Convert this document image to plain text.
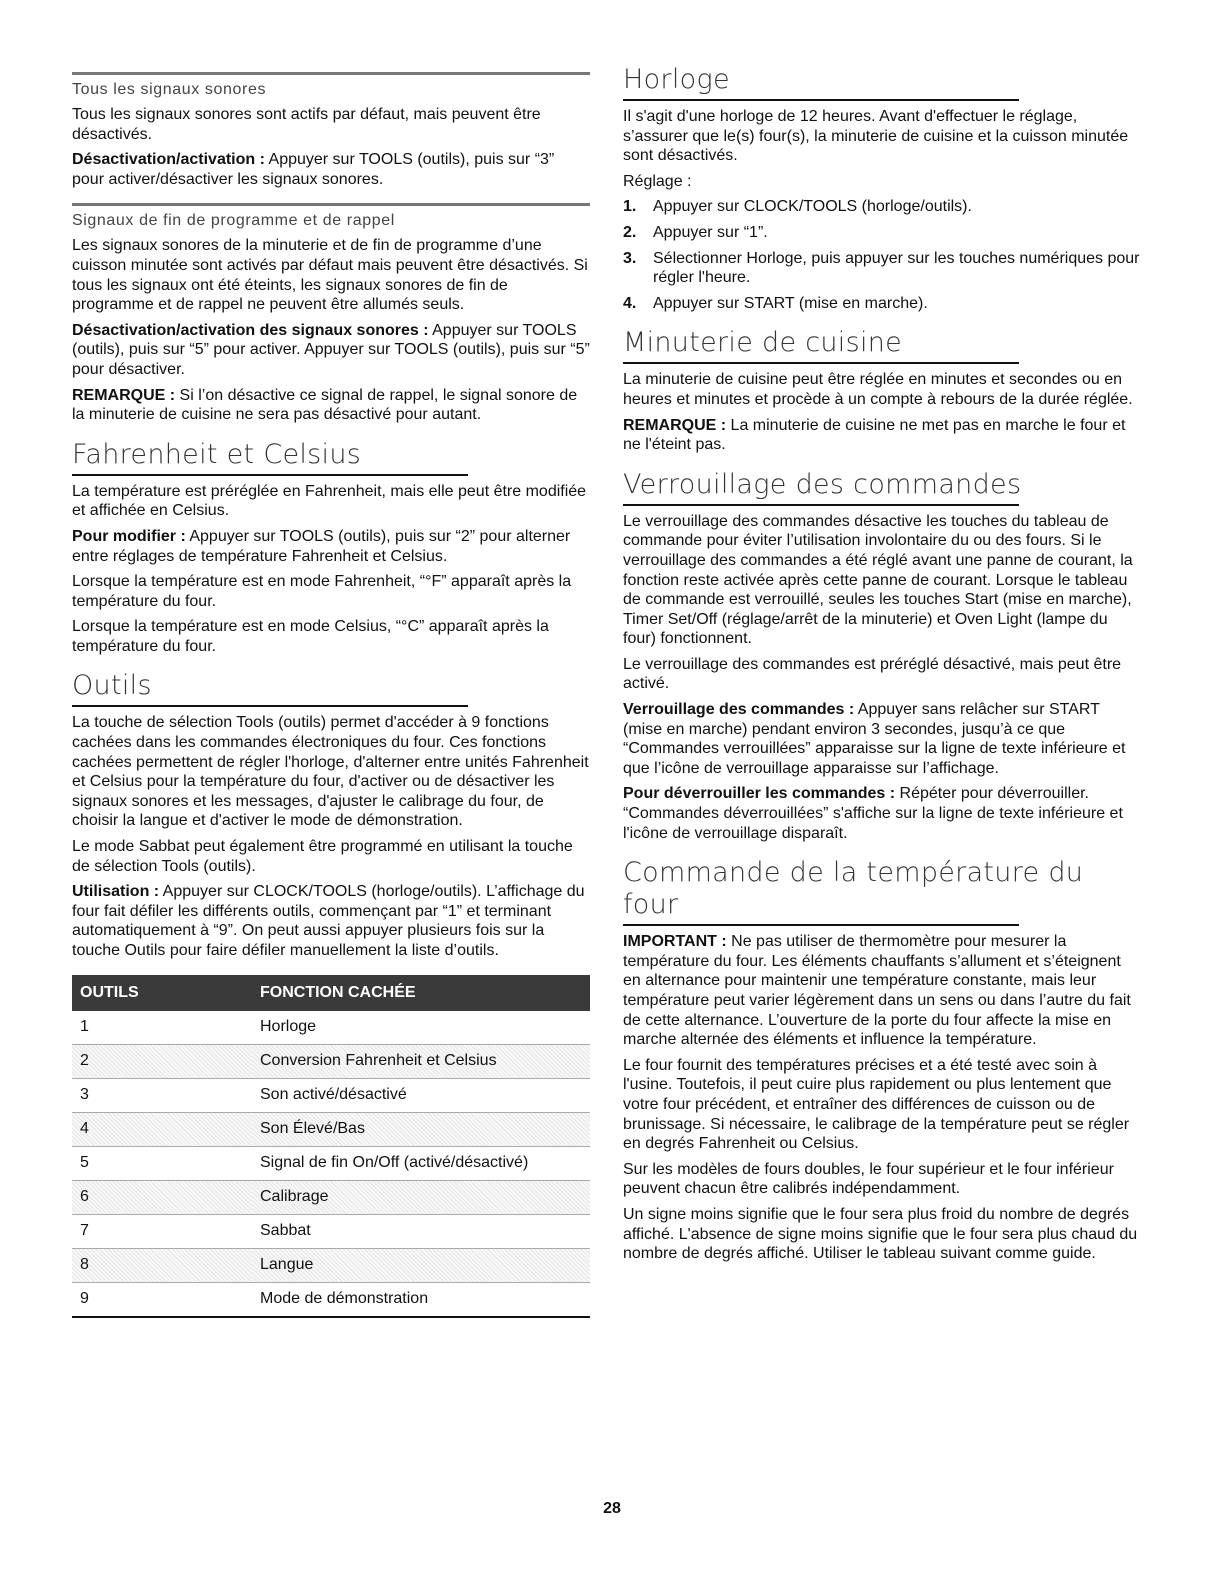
Tous les signaux sonores

Tous les signaux sonores sont actifs par défaut, mais peuvent être désactivés.

Désactivation/activation : Appuyer sur TOOLS (outils), puis sur “3” pour activer/désactiver les signaux sonores.

Signaux de fin de programme et de rappel

Les signaux sonores de la minuterie et de fin de programme d’une cuisson minutée sont activés par défaut mais peuvent être désactivés. Si tous les signaux ont été éteints, les signaux sonores de fin de programme et de rappel ne peuvent être allumés seuls.

Désactivation/activation des signaux sonores : Appuyer sur TOOLS (outils), puis sur “5” pour activer. Appuyer sur TOOLS (outils), puis sur “5” pour désactiver.

REMARQUE : Si l’on désactive ce signal de rappel, le signal sonore de la minuterie de cuisine ne sera pas désactivé pour autant.

Fahrenheit et Celsius

La température est préréglée en Fahrenheit, mais elle peut être modifiée et affichée en Celsius.

Pour modifier : Appuyer sur TOOLS (outils), puis sur “2” pour alterner entre réglages de température Fahrenheit et Celsius.

Lorsque la température est en mode Fahrenheit, “°F” apparaît après la température du four.

Lorsque la température est en mode Celsius, “°C” apparaît après la température du four.

Outils

La touche de sélection Tools (outils) permet d'accéder à 9 fonctions cachées dans les commandes électroniques du four. Ces fonctions cachées permettent de régler l'horloge, d'alterner entre unités Fahrenheit et Celsius pour la température du four, d'activer ou de désactiver les signaux sonores et les messages, d'ajuster le calibrage du four, de choisir la langue et d'activer le mode de démonstration.

Le mode Sabbat peut également être programmé en utilisant la touche de sélection Tools (outils).

Utilisation : Appuyer sur CLOCK/TOOLS (horloge/outils). L’affichage du four fait défiler les différents outils, commençant par “1” et terminant automatiquement à “9”. On peut aussi appuyer plusieurs fois sur la touche Outils pour faire défiler manuellement la liste d’outils.

OUTILS	FONCTION CACHÉE
1	Horloge
2	Conversion Fahrenheit et Celsius
3	Son activé/désactivé
4	Son Élevé/Bas
5	Signal de fin On/Off (activé/désactivé)
6	Calibrage
7	Sabbat
8	Langue
9	Mode de démonstration
Horloge

Il s'agit d'une horloge de 12 heures. Avant d'effectuer le réglage, s’assurer que le(s) four(s), la minuterie de cuisine et la cuisson minutée sont désactivés.

Réglage :

1.	Appuyer sur CLOCK/TOOLS (horloge/outils).
2.	Appuyer sur “1”.
3.	Sélectionner Horloge, puis appuyer sur les touches numériques pour régler l'heure.
4.	Appuyer sur START (mise en marche).
Minuterie de cuisine

La minuterie de cuisine peut être réglée en minutes et secondes ou en heures et minutes et procède à un compte à rebours de la durée réglée.

REMARQUE : La minuterie de cuisine ne met pas en marche le four et ne l'éteint pas.

Verrouillage des commandes

Le verrouillage des commandes désactive les touches du tableau de commande pour éviter l’utilisation involontaire du ou des fours. Si le verrouillage des commandes a été réglé avant une panne de courant, la fonction reste activée après cette panne de courant. Lorsque le tableau de commande est verrouillé, seules les touches Start (mise en marche), Timer Set/Off (réglage/arrêt de la minuterie) et Oven Light (lampe du four) fonctionnent.

Le verrouillage des commandes est préréglé désactivé, mais peut être activé.

Verrouillage des commandes : Appuyer sans relâcher sur START (mise en marche) pendant environ 3 secondes, jusqu’à ce que “Commandes verrouillées” apparaisse sur la ligne de texte inférieure et que l’icône de verrouillage apparaisse sur l’affichage.

Pour déverrouiller les commandes : Répéter pour déverrouiller. “Commandes déverrouillées” s'affiche sur la ligne de texte inférieure et l'icône de verrouillage disparaît.

Commande de la température du four

IMPORTANT : Ne pas utiliser de thermomètre pour mesurer la température du four. Les éléments chauffants s’allument et s’éteignent en alternance pour maintenir une température constante, mais leur température peut varier légèrement dans un sens ou dans l’autre du fait de cette alternance. L’ouverture de la porte du four affecte la mise en marche alternée des éléments et influence la température.

Le four fournit des températures précises et a été testé avec soin à l'usine. Toutefois, il peut cuire plus rapidement ou plus lentement que votre four précédent, et entraîner des différences de cuisson ou de brunissage. Si nécessaire, le calibrage de la température peut se régler en degrés Fahrenheit ou Celsius.

Sur les modèles de fours doubles, le four supérieur et le four inférieur peuvent chacun être calibrés indépendamment.

Un signe moins signifie que le four sera plus froid du nombre de degrés affiché. L'absence de signe moins signifie que le four sera plus chaud du nombre de degrés affiché. Utiliser le tableau suivant comme guide.

28
